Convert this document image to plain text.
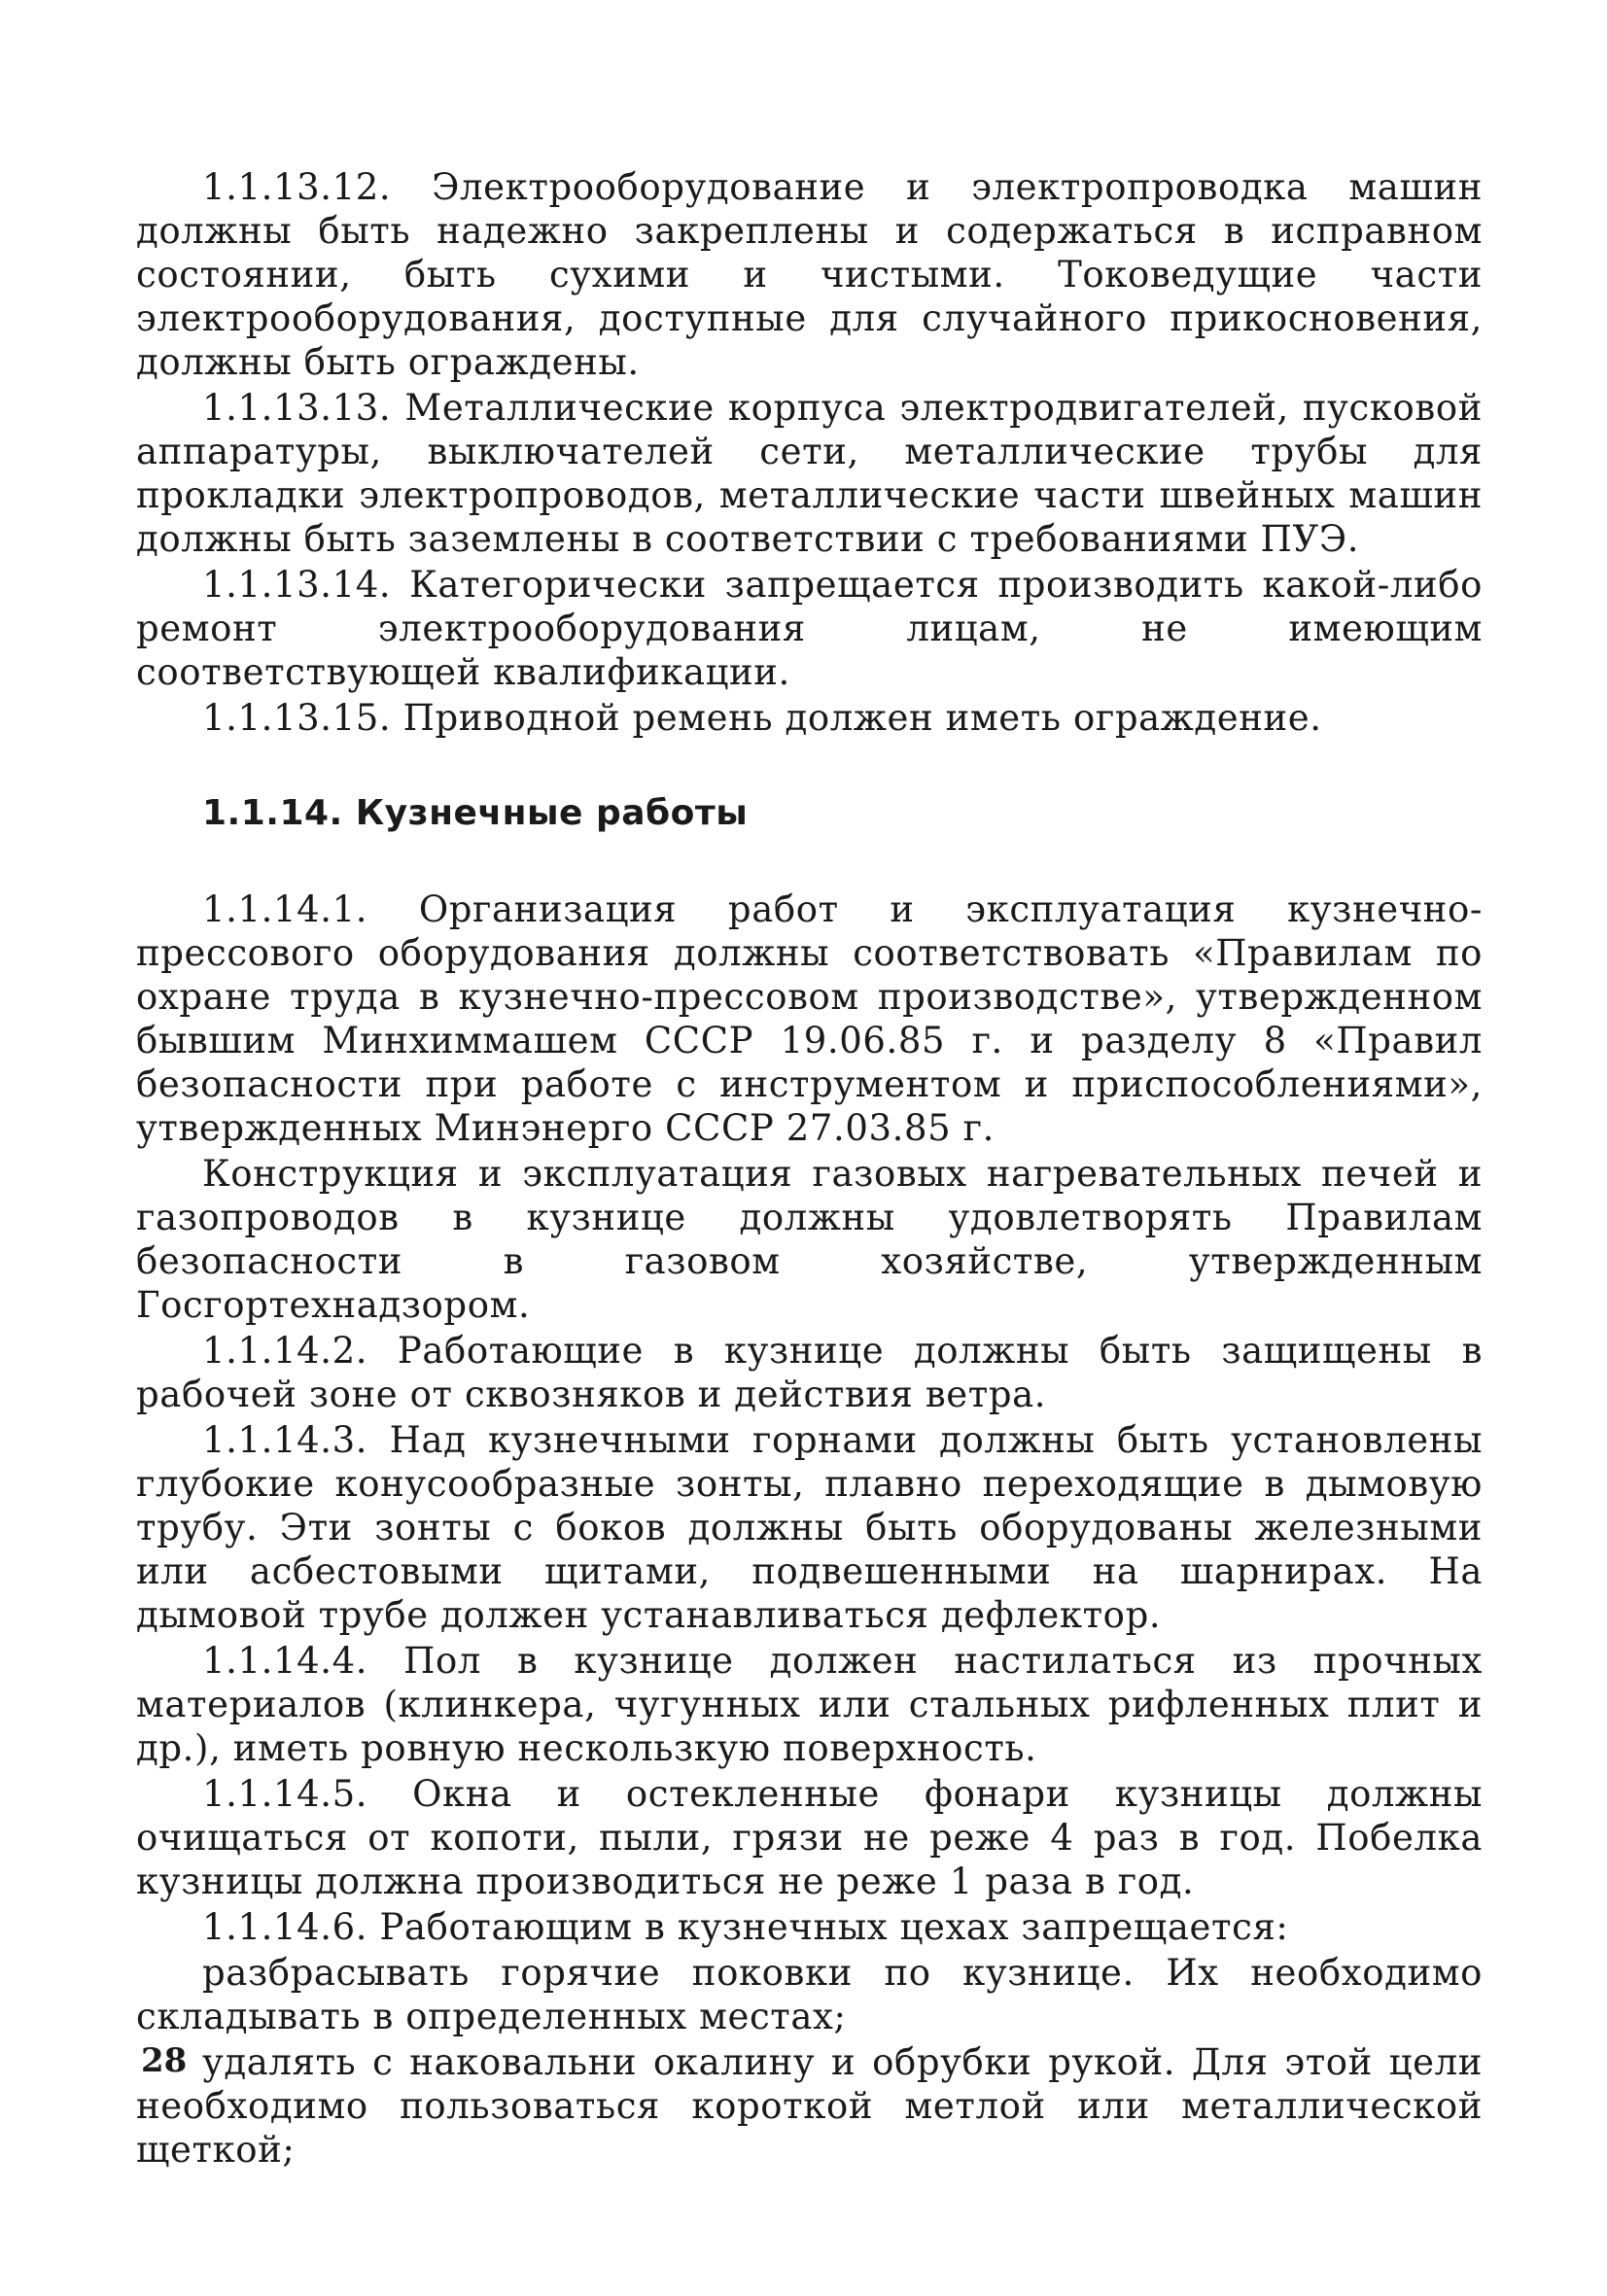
1.1.13.12. Электрооборудование и электропроводка машин должны быть надежно закреплены и содержаться в исправном состоянии, быть сухими и чистыми. Токоведущие части электрооборудования, доступные для случайного прикосновения, должны быть ограждены.

1.1.13.13. Металлические корпуса электродвигателей, пусковой аппаратуры, выключателей сети, металлические трубы для прокладки электропроводов, металлические части швейных машин должны быть заземлены в соответствии с требованиями ПУЭ.

1.1.13.14. Категорически запрещается производить какой-либо ремонт электрооборудования лицам, не имеющим соответствующей квалификации.

1.1.13.15. Приводной ремень должен иметь ограждение.

1.1.14. Кузнечные работы

1.1.14.1. Организация работ и эксплуатация кузнечно-прессового оборудования должны соответствовать «Правилам по охране труда в кузнечно-прессовом производстве», утвержденном бывшим Минхиммашем СССР 19.06.85 г. и разделу 8 «Правил безопасности при работе с инструментом и приспособлениями», утвержденных Минэнерго СССР 27.03.85 г.

Конструкция и эксплуатация газовых нагревательных печей и газопроводов в кузнице должны удовлетворять Правилам безопасности в газовом хозяйстве, утвержденным Госгортехнадзором.

1.1.14.2. Работающие в кузнице должны быть защищены в рабочей зоне от сквозняков и действия ветра.

1.1.14.3. Над кузнечными горнами должны быть установлены глубокие конусообразные зонты, плавно переходящие в дымовую трубу. Эти зонты с боков должны быть оборудованы железными или асбестовыми щитами, подвешенными на шарнирах. На дымовой трубе должен устанавливаться дефлектор.

1.1.14.4. Пол в кузнице должен настилаться из прочных материалов (клинкера, чугунных или стальных рифленных плит и др.), иметь ровную нескользкую поверхность.

1.1.14.5. Окна и остекленные фонари кузницы должны очищаться от копоти, пыли, грязи не реже 4 раз в год. Побелка кузницы должна производиться не реже 1 раза в год.

1.1.14.6. Работающим в кузнечных цехах запрещается:

разбрасывать горячие поковки по кузнице. Их необходимо складывать в определенных местах;

удалять с наковальни окалину и обрубки рукой. Для этой цели необходимо пользоваться короткой метлой или металлической щеткой;

28
